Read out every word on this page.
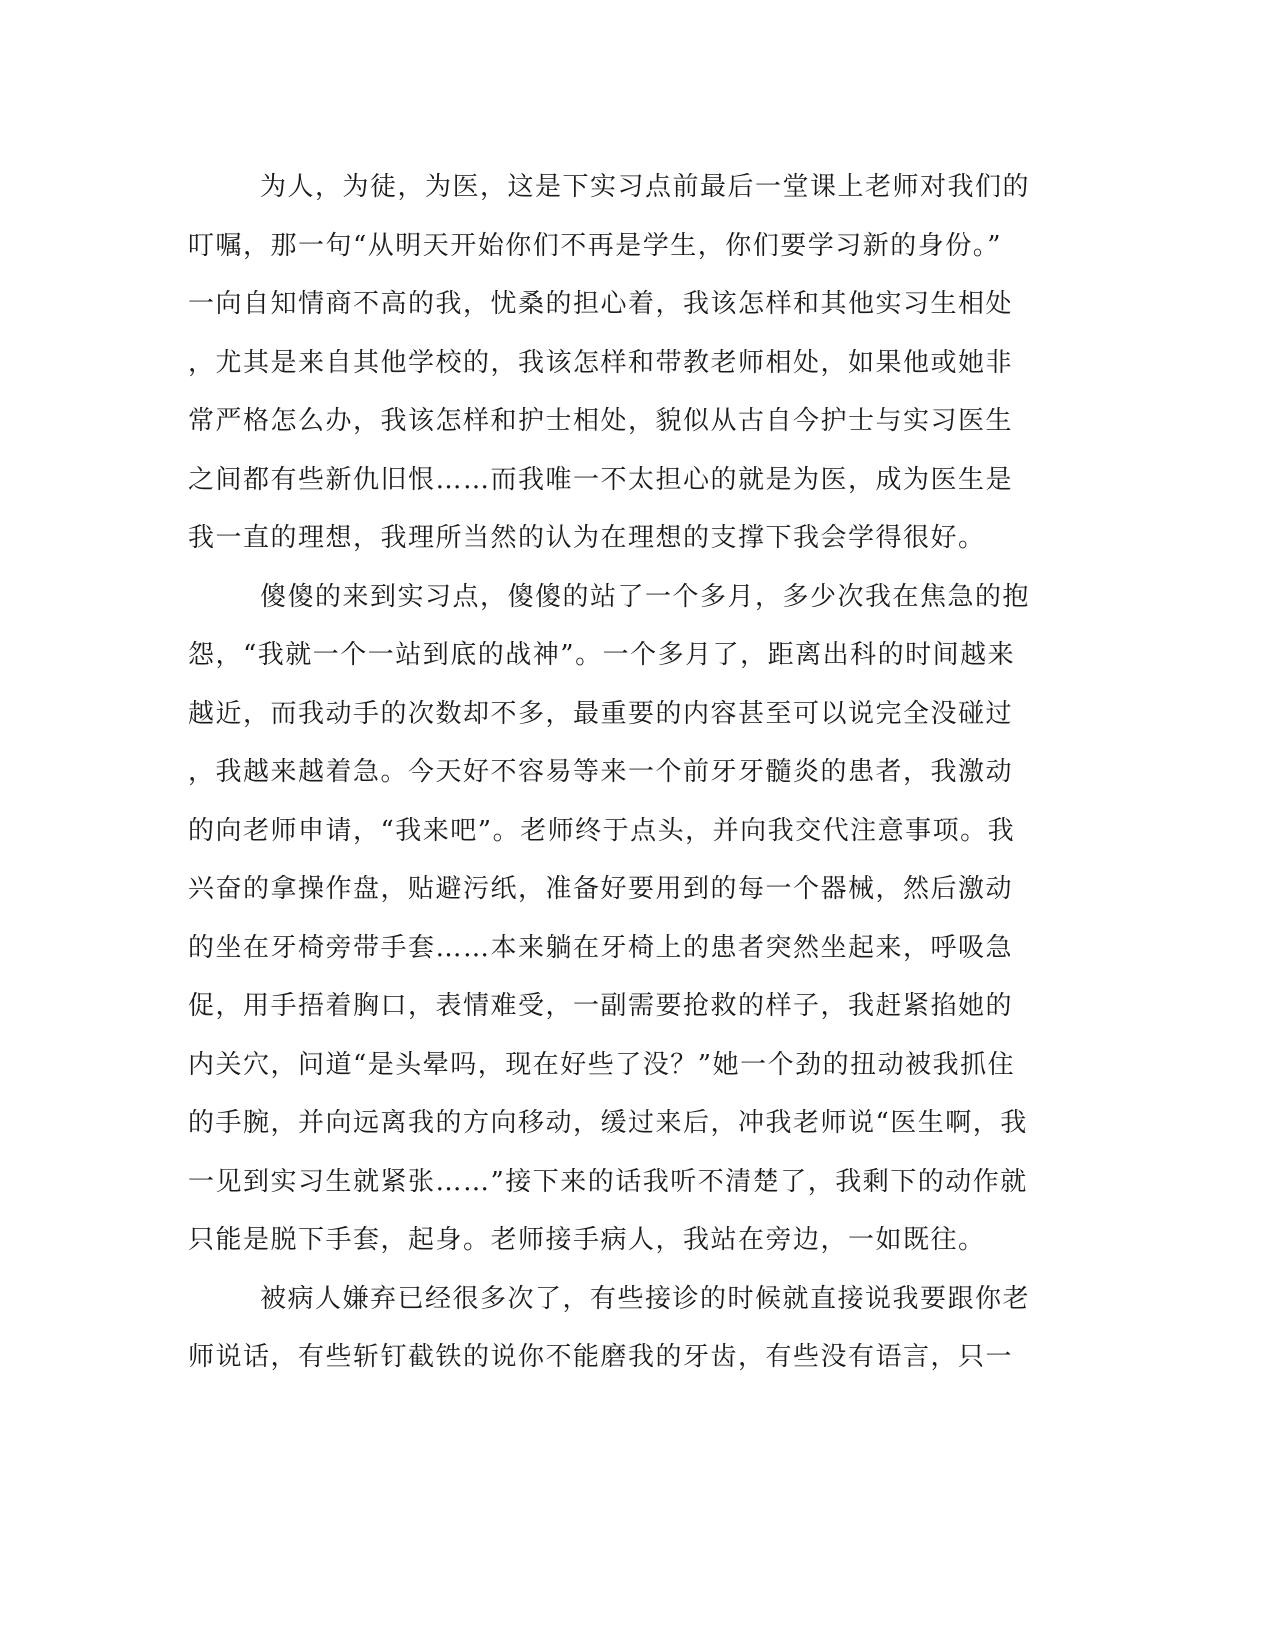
为人，为徒，为医，这是下实习点前最后一堂课上老师对我们的
叮嘱，那一句“从明天开始你们不再是学生，你们要学习新的身份。”
一向自知情商不高的我，忧桑的担心着，我该怎样和其他实习生相处
，尤其是来自其他学校的，我该怎样和带教老师相处，如果他或她非
常严格怎么办，我该怎样和护士相处，貌似从古自今护士与实习医生
之间都有些新仇旧恨……而我唯一不太担心的就是为医，成为医生是
我一直的理想，我理所当然的认为在理想的支撑下我会学得很好。
傻傻的来到实习点，傻傻的站了一个多月，多少次我在焦急的抱
怨，“我就一个一站到底的战神”。一个多月了，距离出科的时间越来
越近，而我动手的次数却不多，最重要的内容甚至可以说完全没碰过
，我越来越着急。今天好不容易等来一个前牙牙髓炎的患者，我激动
的向老师申请，“我来吧”。老师终于点头，并向我交代注意事项。我
兴奋的拿操作盘，贴避污纸，准备好要用到的每一个器械，然后激动
的坐在牙椅旁带手套……本来躺在牙椅上的患者突然坐起来，呼吸急
促，用手捂着胸口，表情难受，一副需要抢救的样子，我赶紧掐她的
内关穴，问道“是头晕吗，现在好些了没？”她一个劲的扭动被我抓住
的手腕，并向远离我的方向移动，缓过来后，冲我老师说“医生啊，我
一见到实习生就紧张……”接下来的话我听不清楚了，我剩下的动作就
只能是脱下手套，起身。老师接手病人，我站在旁边，一如既往。
被病人嫌弃已经很多次了，有些接诊的时候就直接说我要跟你老
师说话，有些斩钉截铁的说你不能磨我的牙齿，有些没有语言，只一
